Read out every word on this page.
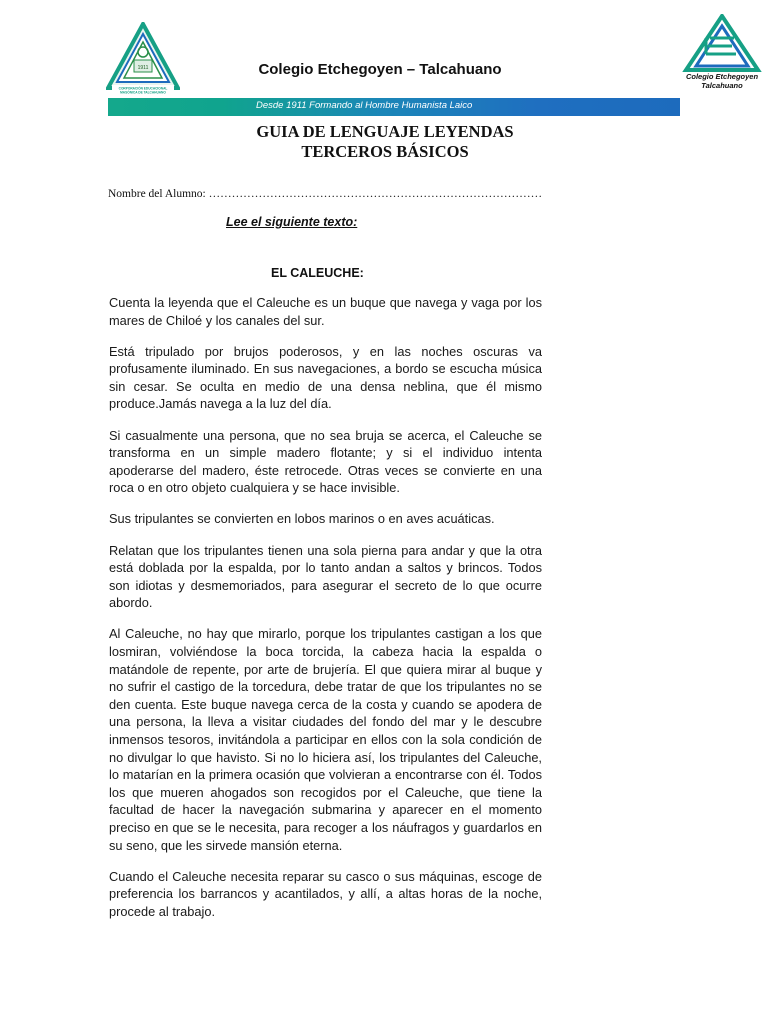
1911
CORPORACIÓN EDUCACIONAL
MASÓNICA DE TALCAHUANO
Colegio Etchegoyen – Talcahuano	Colegio Etchegoyen
Talcahuano
Desde 1911 Formando al Hombre Humanista Laico
GUIA DE LENGUAJE LEYENDAS
TERCEROS BÁSICOS
Nombre del Alumno: ……………………………………………………………………………
Lee el siguiente texto:
EL CALEUCHE:

Cuenta la leyenda que el Caleuche es un buque que navega y vaga por los mares de Chiloé y los canales del sur.

Está tripulado por brujos poderosos, y en las noches oscuras va profusamente iluminado. En sus navegaciones, a bordo se escucha música sin cesar. Se oculta en medio de una densa neblina, que él mismo produce.Jamás navega a la luz del día.

Si casualmente una persona, que no sea bruja se acerca, el Caleuche se transforma en un simple madero flotante; y si el individuo intenta apoderarse del madero, éste retrocede. Otras veces se convierte en una roca o en otro objeto cualquiera y se hace invisible.

Sus tripulantes se convierten en lobos marinos o en aves acuáticas.

Relatan que los tripulantes tienen una sola pierna para andar y que la otra está doblada por la espalda, por lo tanto andan a saltos y brincos. Todos son idiotas y desmemoriados, para asegurar el secreto de lo que ocurre abordo.

Al Caleuche, no hay que mirarlo, porque los tripulantes castigan a los que losmiran, volviéndose la boca torcida, la cabeza hacia la espalda o matándole de repente, por arte de brujería. El que quiera mirar al buque y no sufrir el castigo de la torcedura, debe tratar de que los tripulantes no se den cuenta. Este buque navega cerca de la costa y cuando se apodera de una persona, la lleva a visitar ciudades del fondo del mar y le descubre inmensos tesoros, invitándola a participar en ellos con la sola condición de no divulgar lo que havisto. Si no lo hiciera así, los tripulantes del Caleuche, lo matarían en la primera ocasión que volvieran a encontrarse con él. Todos los que mueren ahogados son recogidos por el Caleuche, que tiene la facultad de hacer la navegación submarina y aparecer en el momento preciso en que se le necesita, para recoger a los náufragos y guardarlos en su seno, que les sirvede mansión eterna.

Cuando el Caleuche necesita reparar su casco o sus máquinas, escoge de preferencia los barrancos y acantilados, y allí, a altas horas de la noche, procede al trabajo.
